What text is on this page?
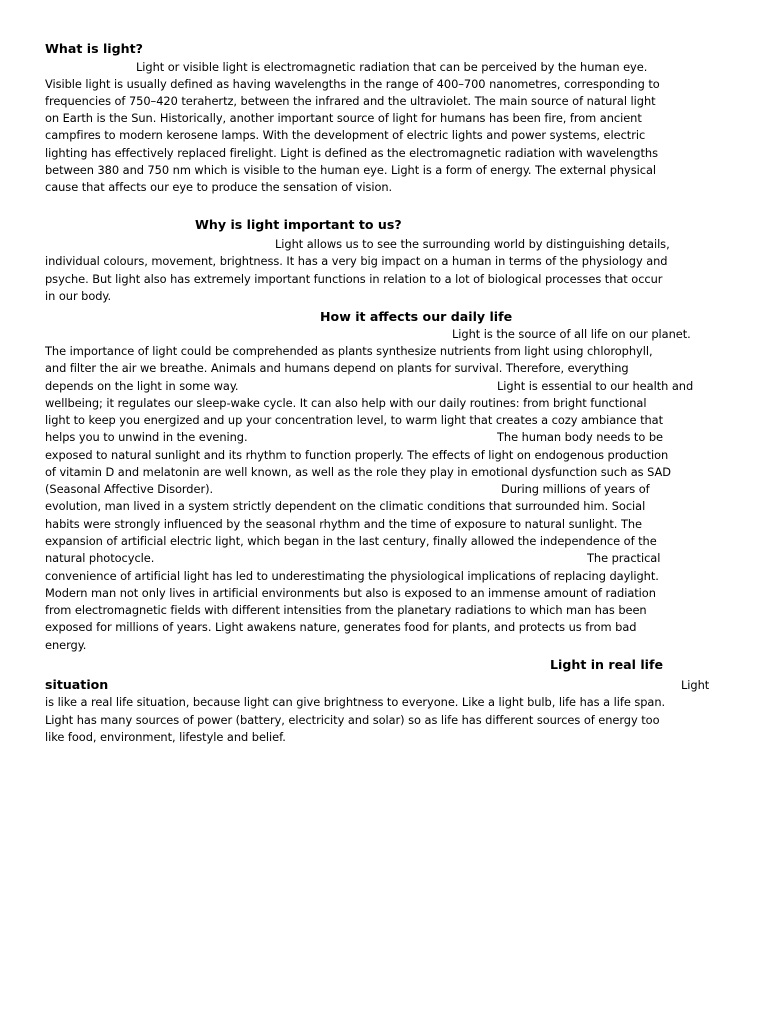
What is light?
Light or visible light is electromagnetic radiation that can be perceived by the human eye.
Visible light is usually defined as having wavelengths in the range of 400–700 nanometres, corresponding to
frequencies of 750–420 terahertz, between the infrared and the ultraviolet. The main source of natural light
on Earth is the Sun. Historically, another important source of light for humans has been fire, from ancient
campfires to modern kerosene lamps. With the development of electric lights and power systems, electric
lighting has effectively replaced firelight. Light is defined as the electromagnetic radiation with wavelengths
between 380 and 750 nm which is visible to the human eye. Light is a form of energy. The external physical
cause that affects our eye to produce the sensation of vision.
Why is light important to us?
Light allows us to see the surrounding world by distinguishing details,
individual colours, movement, brightness. It has a very big impact on a human in terms of the physiology and
psyche. But light also has extremely important functions in relation to a lot of biological processes that occur
in our body.
How it affects our daily life
Light is the source of all life on our planet.
The importance of light could be comprehended as plants synthesize nutrients from light using chlorophyll,
and filter the air we breathe. Animals and humans depend on plants for survival. Therefore, everything
depends on the light in some way.	Light is essential to our health and
wellbeing; it regulates our sleep-wake cycle. It can also help with our daily routines: from bright functional
light to keep you energized and up your concentration level, to warm light that creates a cozy ambiance that
helps you to unwind in the evening.	The human body needs to be
exposed to natural sunlight and its rhythm to function properly. The effects of light on endogenous production
of vitamin D and melatonin are well known, as well as the role they play in emotional dysfunction such as SAD
(Seasonal Affective Disorder).	During millions of years of
evolution, man lived in a system strictly dependent on the climatic conditions that surrounded him. Social
habits were strongly influenced by the seasonal rhythm and the time of exposure to natural sunlight. The
expansion of artificial electric light, which began in the last century, finally allowed the independence of the
natural photocycle.	The practical
convenience of artificial light has led to underestimating the physiological implications of replacing daylight.
Modern man not only lives in artificial environments but also is exposed to an immense amount of radiation
from electromagnetic fields with different intensities from the planetary radiations to which man has been
exposed for millions of years. Light awakens nature, generates food for plants, and protects us from bad
energy.
Light in real life
situation	Light
is like a real life situation, because light can give brightness to everyone. Like a light bulb, life has a life span.
Light has many sources of power (battery, electricity and solar) so as life has different sources of energy too
like food, environment, lifestyle and belief.
